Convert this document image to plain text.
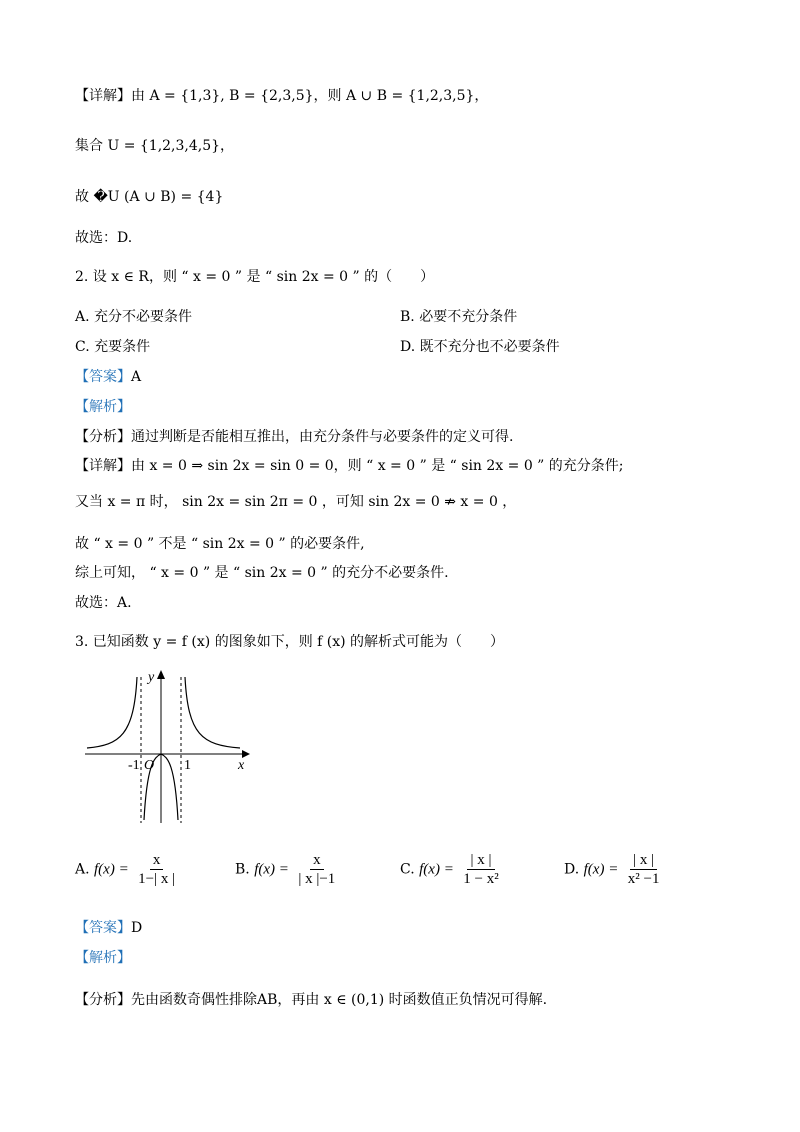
【详解】由 A = {1,3}, B = {2,3,5}，则 A ∪ B = {1,2,3,5}，
集合 U = {1,2,3,4,5}，
故 �U (A ∪ B) = {4}
故选：D.
2. 设 x ∈ R，则 “ x = 0 ” 是 “ sin 2x = 0 ” 的（　　）
A. 充分不必要条件	B. 必要不充分条件
C. 充要条件	D. 既不充分也不必要条件
【答案】A
【解析】
【分析】通过判断是否能相互推出，由充分条件与必要条件的定义可得.
【详解】由 x = 0 ⇒ sin 2x = sin 0 = 0，则 “ x = 0 ” 是 “ sin 2x = 0 ” 的充分条件;
又当 x = π 时， sin 2x = sin 2π = 0 ，可知 sin 2x = 0 ⇏ x = 0 ，
故 “ x = 0 ” 不是 “ sin 2x = 0 ” 的必要条件,
综上可知， “ x = 0 ” 是 “ sin 2x = 0 ” 的充分不必要条件.
故选：A.
3. 已知函数 y = f (x) 的图象如下，则 f (x) 的解析式可能为（　　）
y
x
O
-1	1
A. $f(x) = \frac{x}{1-| x |}$	B. $f(x) = \frac{x}{| x |-1}$	C. $f(x) = \frac{| x |}{\text{1 − x²}}$	D. $f(x) = \frac{| x |}{\text{x² −1}}$
【答案】D
【解析】
【分析】先由函数奇偶性排除AB，再由 x ∈ (0,1) 时函数值正负情况可得解.
